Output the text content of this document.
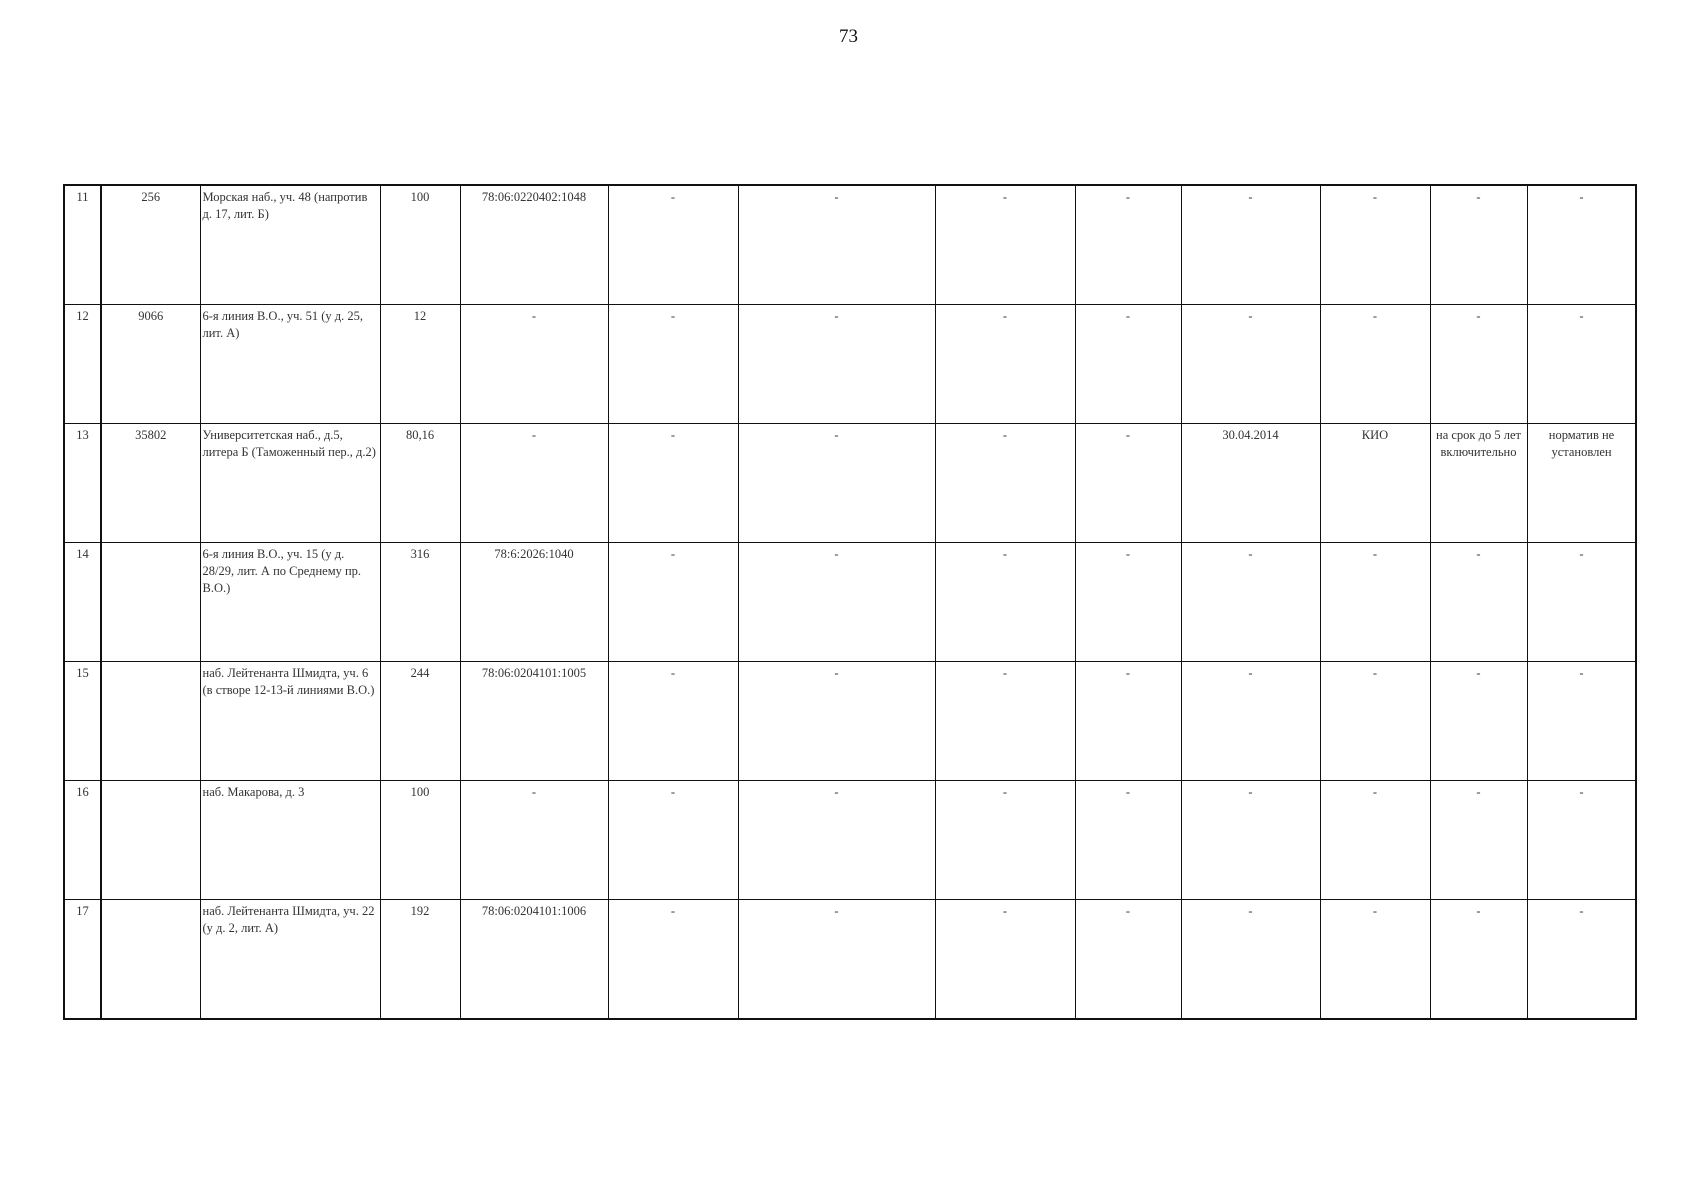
73
11	256	Морская наб., уч. 48 (напротив д. 17, лит. Б)	100	78:06:0220402:1048	-	-	-	-	-	-	-	-	
12	9066	6-я линия В.О., уч. 51 (у д. 25, лит. А)	12	-	-	-	-	-	-	-	-	-	
13	35802	Университетская наб., д.5, литера Б (Таможенный пер., д.2)	80,16	-	-	-	-	-	30.04.2014	КИО	на срок до 5 лет включительно	норматив не установлен	
14		6-я линия В.О., уч. 15 (у д. 28/29, лит. А по Среднему пр. В.О.)	316	78:6:2026:1040	-	-	-	-	-	-	-	-	
15		наб. Лейтенанта Шмидта, уч. 6 (в створе 12-13-й линиями В.О.)	244	78:06:0204101:1005	-	-	-	-	-	-	-	-	
16		наб. Макарова, д. 3	100	-	-	-	-	-	-	-	-	-	
17		наб. Лейтенанта Шмидта, уч. 22 (у д. 2, лит. А)	192	78:06:0204101:1006	-	-	-	-	-	-	-	-	
